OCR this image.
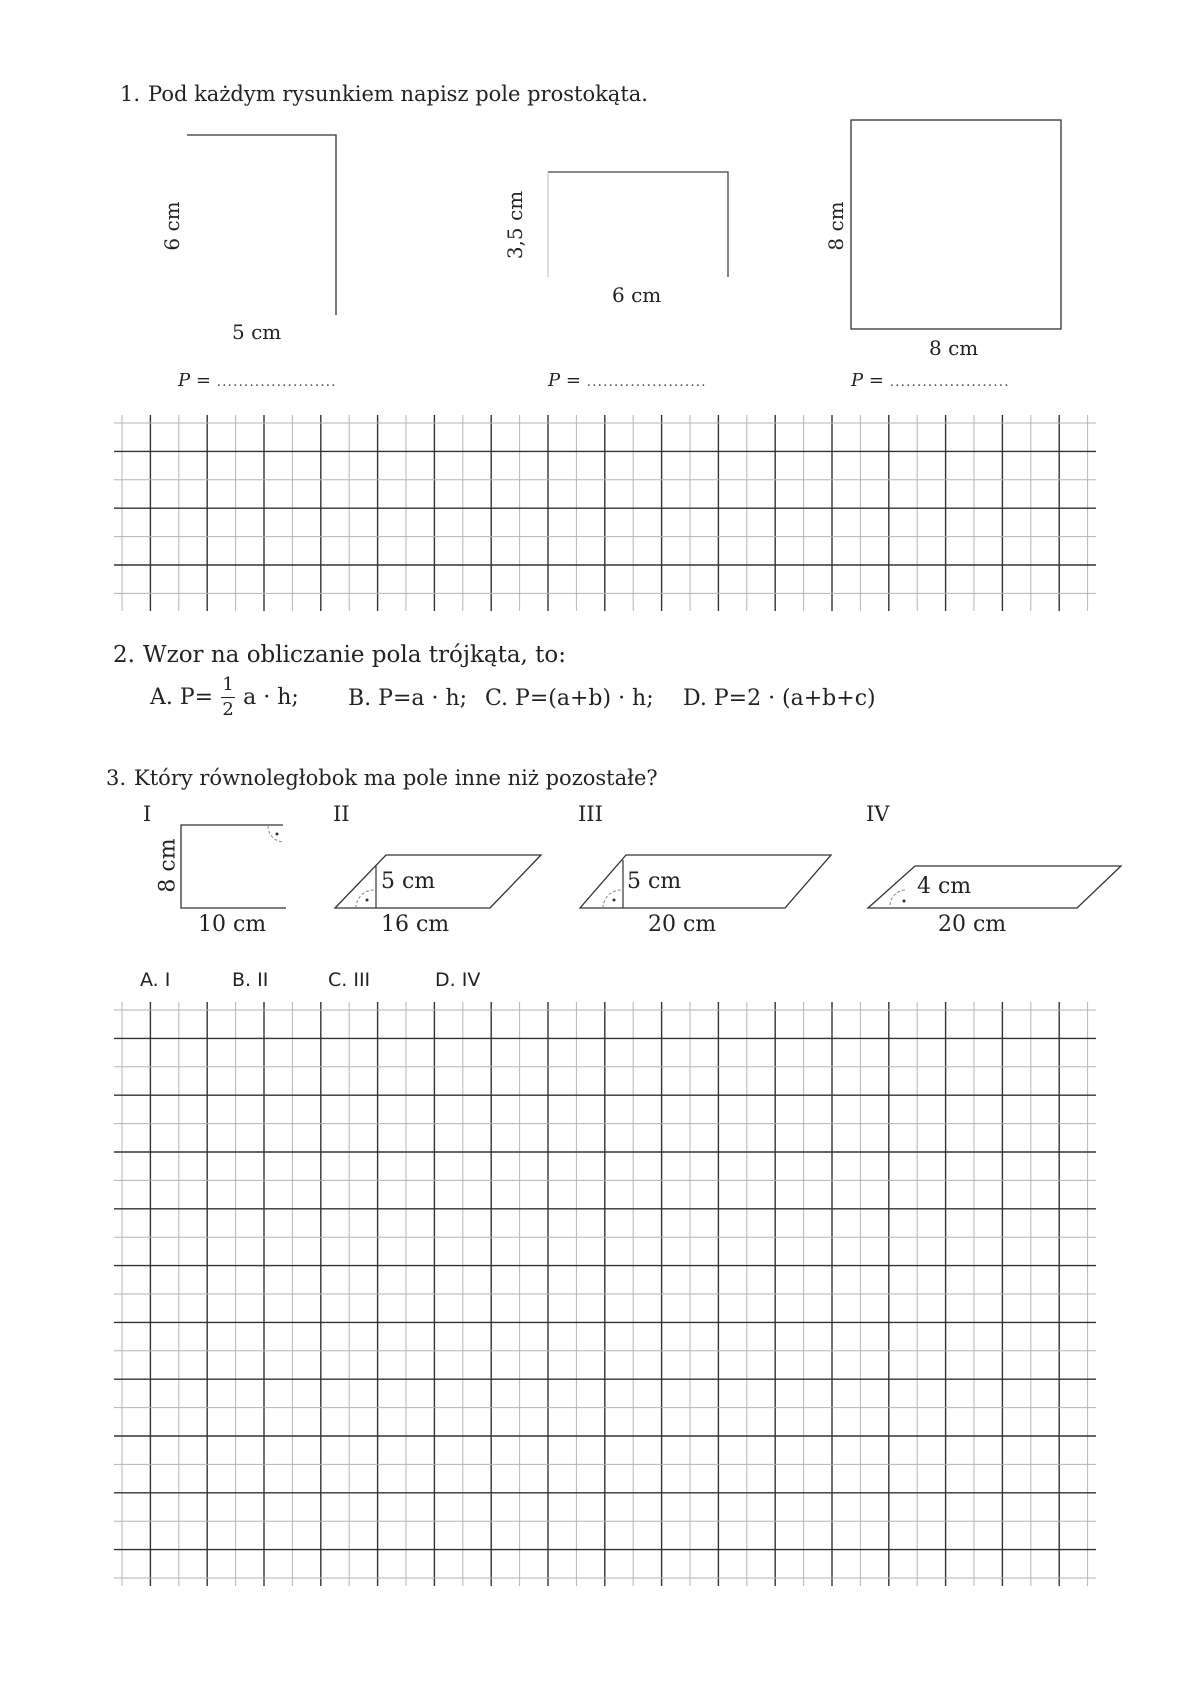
1. Pod każdym rysunkiem napisz pole prostokąta.
6 cm
5 cm
3,5 cm
6 cm
8 cm
8 cm
P = ......................	P = ......................	P = ......................
2. Wzor na obliczanie pola trójkąta, to:
A. $P= \frac{1}{2}$ a · h; B. P=a · h; C. P=(a+b) · h; D. P=2 · (a+b+c)
3. Który równoległobok ma pole inne niż pozostałe?
I	II	III	IV
8 cm
10 cm
5 cm
16 cm
5 cm
20 cm
4 cm
20 cm
A. I	B. II	C. III	D. IV
